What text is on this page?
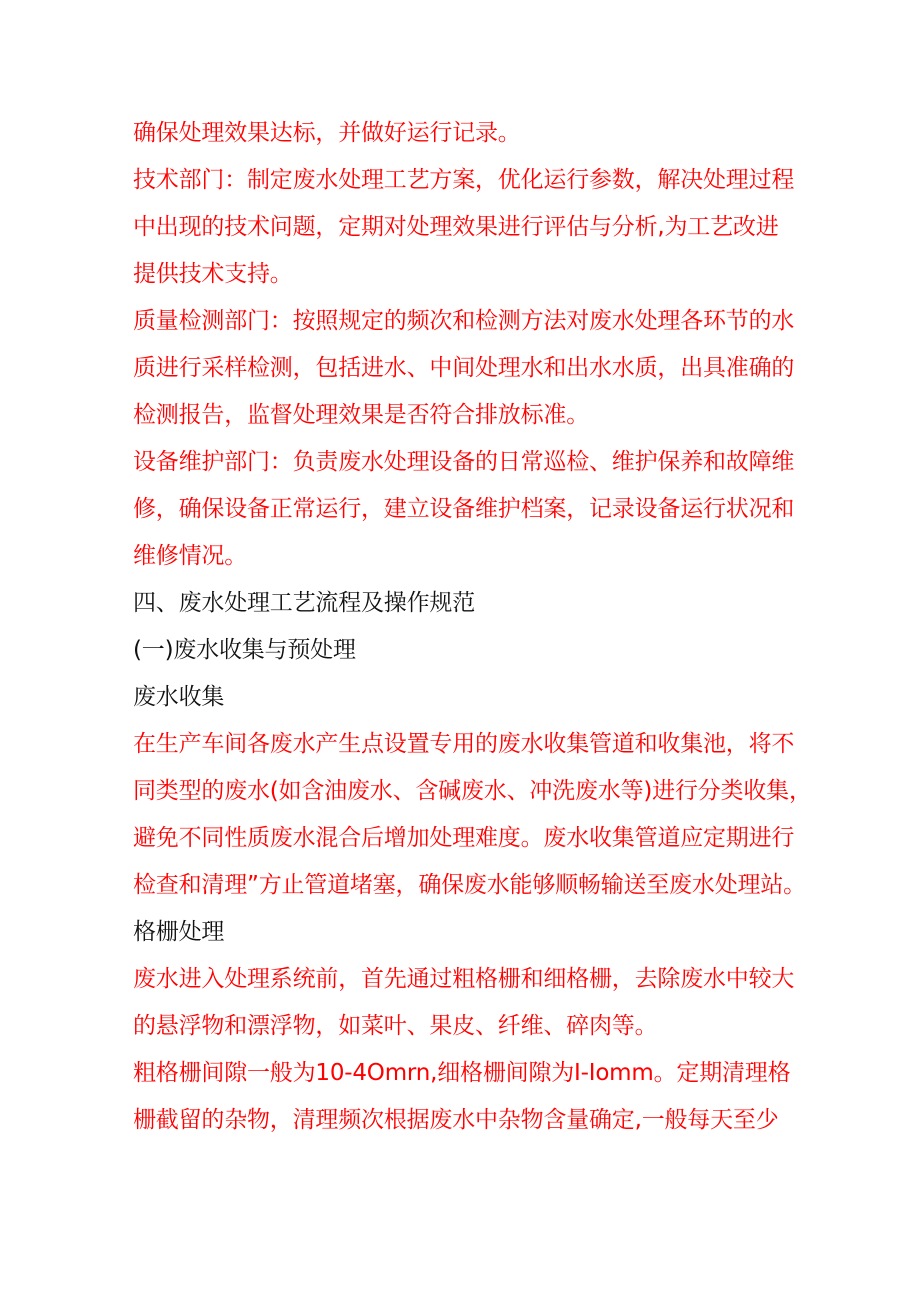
确保处理效果达标，并做好运行记录。
技术部门：制定废水处理工艺方案，优化运行参数，解决处理过程
中出现的技术问题，定期对处理效果进行评估与分析,为工艺改进
提供技术支持。
质量检测部门：按照规定的频次和检测方法对废水处理各环节的水
质进行采样检测，包括进水、中间处理水和出水水质，出具准确的
检测报告，监督处理效果是否符合排放标准。
设备维护部门：负责废水处理设备的日常巡检、维护保养和故障维
修，确保设备正常运行，建立设备维护档案，记录设备运行状况和
维修情况。
四、废水处理工艺流程及操作规范
(一)废水收集与预处理
废水收集
在生产车间各废水产生点设置专用的废水收集管道和收集池，将不
同类型的废水(如含油废水、含碱废水、冲洗废水等)进行分类收集，
避免不同性质废水混合后增加处理难度。废水收集管道应定期进行
检查和清理”方止管道堵塞，确保废水能够顺畅输送至废水处理站。
格栅处理
废水进入处理系统前，首先通过粗格栅和细格栅，去除废水中较大
的悬浮物和漂浮物，如菜叶、果皮、纤维、碎肉等。
粗格栅间隙一般为10-4Omrn,细格栅间隙为I-Iomm。定期清理格
栅截留的杂物，清理频次根据废水中杂物含量确定,一般每天至少
